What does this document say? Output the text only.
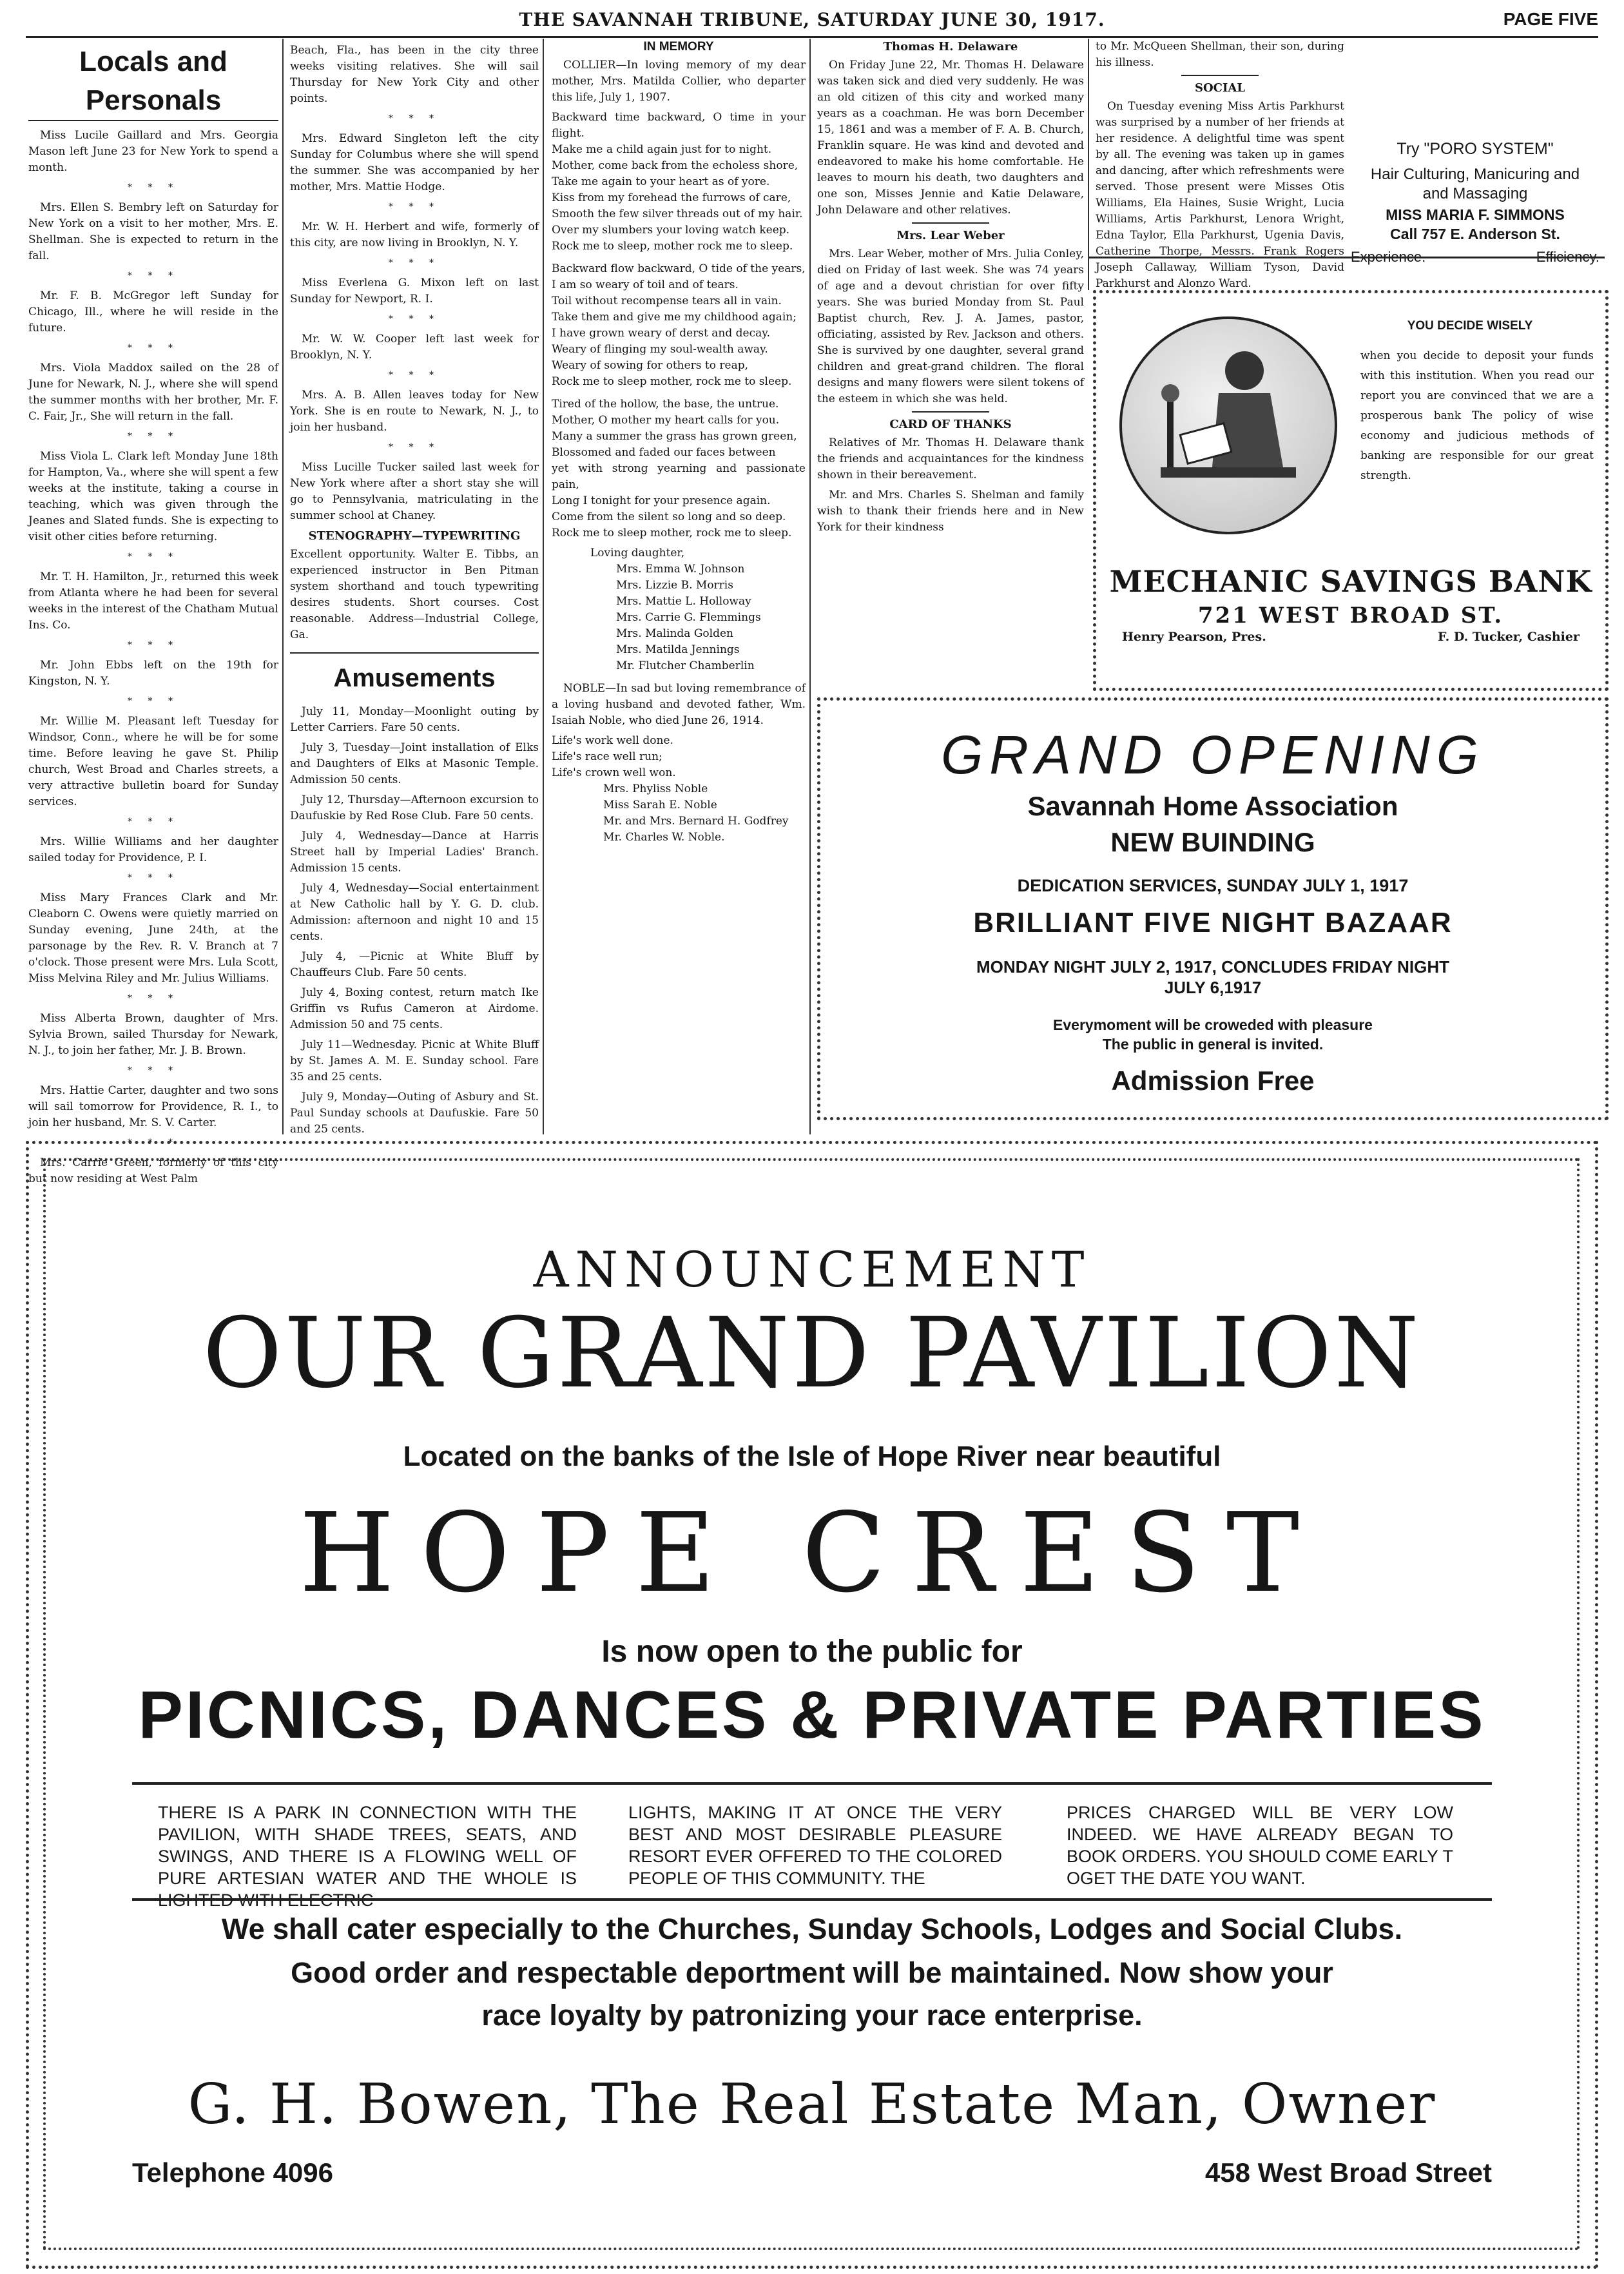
THE SAVANNAH TRIBUNE, SATURDAY JUNE 30, 1917.	PAGE FIVE
Locals and Personals

Miss Lucile Gaillard and Mrs. Georgia Mason left June 23 for New York to spend a month.

* * *

Mrs. Ellen S. Bembry left on Saturday for New York on a visit to her mother, Mrs. E. Shellman. She is expected to return in the fall.

* * *

Mr. F. B. McGregor left Sunday for Chicago, Ill., where he will reside in the future.

* * *

Mrs. Viola Maddox sailed on the 28 of June for Newark, N. J., where she will spend the summer months with her brother, Mr. F. C. Fair, Jr., She will return in the fall.

* * *

Miss Viola L. Clark left Monday June 18th for Hampton, Va., where she will spent a few weeks at the institute, taking a course in teaching, which was given through the Jeanes and Slated funds. She is expecting to visit other cities before returning.

* * *

Mr. T. H. Hamilton, Jr., returned this week from Atlanta where he had been for several weeks in the interest of the Chatham Mutual Ins. Co.

* * *

Mr. John Ebbs left on the 19th for Kingston, N. Y.

* * *

Mr. Willie M. Pleasant left Tuesday for Windsor, Conn., where he will be for some time. Before leaving he gave St. Philip church, West Broad and Charles streets, a very attractive bulletin board for Sunday services.

* * *

Mrs. Willie Williams and her daughter sailed today for Providence, P. I.

* * *

Miss Mary Frances Clark and Mr. Cleaborn C. Owens were quietly married on Sunday evening, June 24th, at the parsonage by the Rev. R. V. Branch at 7 o'clock. Those present were Mrs. Lula Scott, Miss Melvina Riley and Mr. Julius Williams.

* * *

Miss Alberta Brown, daughter of Mrs. Sylvia Brown, sailed Thursday for Newark, N. J., to join her father, Mr. J. B. Brown.

* * *

Mrs. Hattie Carter, daughter and two sons will sail tomorrow for Providence, R. I., to join her husband, Mr. S. V. Carter.

* * *

Mrs. Carrie Green, formerly of this city but now residing at West Palm

Beach, Fla., has been in the city three weeks visiting relatives. She will sail Thursday for New York City and other points.

* * *

Mrs. Edward Singleton left the city Sunday for Columbus where she will spend the summer. She was accompanied by her mother, Mrs. Mattie Hodge.

* * *

Mr. W. H. Herbert and wife, formerly of this city, are now living in Brooklyn, N. Y.

* * *

Miss Everlena G. Mixon left on last Sunday for Newport, R. I.

* * *

Mr. W. W. Cooper left last week for Brooklyn, N. Y.

* * *

Mrs. A. B. Allen leaves today for New York. She is en route to Newark, N. J., to join her husband.

* * *

Miss Lucille Tucker sailed last week for New York where after a short stay she will go to Pennsylvania, matriculating in the summer school at Chaney.

STENOGRAPHY—TYPEWRITING

Excellent opportunity. Walter E. Tibbs, an experienced instructor in Ben Pitman system shorthand and touch typewriting desires students. Short courses. Cost reasonable. Address—Industrial College, Ga.

Amusements

July 11, Monday—Moonlight outing by Letter Carriers. Fare 50 cents.

July 3, Tuesday—Joint installation of Elks and Daughters of Elks at Masonic Temple. Admission 50 cents.

July 12, Thursday—Afternoon excursion to Daufuskie by Red Rose Club. Fare 50 cents.

July 4, Wednesday—Dance at Harris Street hall by Imperial Ladies' Branch. Admission 15 cents.

July 4, Wednesday—Social entertainment at New Catholic hall by Y. G. D. club. Admission: afternoon and night 10 and 15 cents.

July 4, —Picnic at White Bluff by Chauffeurs Club. Fare 50 cents.

July 4, Boxing contest, return match Ike Griffin vs Rufus Cameron at Airdome. Admission 50 and 75 cents.

July 11—Wednesday. Picnic at White Bluff by St. James A. M. E. Sunday school. Fare 35 and 25 cents.

July 9, Monday—Outing of Asbury and St. Paul Sunday schools at Daufuskie. Fare 50 and 25 cents.

IN MEMORY

COLLIER—In loving memory of my dear mother, Mrs. Matilda Collier, who departer this life, July 1, 1907.

Backward time backward, O time in your flight.

Make me a child again just for to night.

Mother, come back from the echoless shore,

Take me again to your heart as of yore.

Kiss from my forehead the furrows of care,

Smooth the few silver threads out of my hair.

Over my slumbers your loving watch keep.

Rock me to sleep, mother rock me to sleep.

Backward flow backward, O tide of the years,

I am so weary of toil and of tears.

Toil without recompense tears all in vain.

Take them and give me my childhood again;

I have grown weary of derst and decay.

Weary of flinging my soul-wealth away.

Weary of sowing for others to reap,

Rock me to sleep mother, rock me to sleep.

Tired of the hollow, the base, the untrue.

Mother, O mother my heart calls for you.

Many a summer the grass has grown green,

Blossomed and faded our faces between

yet with strong yearning and passionate pain,

Long I tonight for your presence again.

Come from the silent so long and so deep.

Rock me to sleep mother, rock me to sleep.

Loving daughter,

Mrs. Emma W. Johnson

Mrs. Lizzie B. Morris

Mrs. Mattie L. Holloway

Mrs. Carrie G. Flemmings

Mrs. Malinda Golden

Mrs. Matilda Jennings

Mr. Flutcher Chamberlin

NOBLE—In sad but loving remembrance of a loving husband and devoted father, Wm. Isaiah Noble, who died June 26, 1914.

Life's work well done.

Life's race well run;

Life's crown well won.

Mrs. Phyliss Noble

Miss Sarah E. Noble

Mr. and Mrs. Bernard H. Godfrey

Mr. Charles W. Noble.

Thomas H. Delaware

On Friday June 22, Mr. Thomas H. Delaware was taken sick and died very suddenly. He was an old citizen of this city and worked many years as a coachman. He was born December 15, 1861 and was a member of F. A. B. Church, Franklin square. He was kind and devoted and endeavored to make his home comfortable. He leaves to mourn his death, two daughters and one son, Misses Jennie and Katie Delaware, John Delaware and other relatives.

Mrs. Lear Weber

Mrs. Lear Weber, mother of Mrs. Julia Conley, died on Friday of last week. She was 74 years of age and a devout christian for over fifty years. She was buried Monday from St. Paul Baptist church, Rev. J. A. James, pastor, officiating, assisted by Rev. Jackson and others. She is survived by one daughter, several grand children and great-grand children. The floral designs and many flowers were silent tokens of the esteem in which she was held.

CARD OF THANKS

Relatives of Mr. Thomas H. Delaware thank the friends and acquaintances for the kindness shown in their bereavement.

Mr. and Mrs. Charles S. Shelman and family wish to thank their friends here and in New York for their kindness

to Mr. McQueen Shellman, their son, during his illness.

SOCIAL

On Tuesday evening Miss Artis Parkhurst was surprised by a number of her friends at her residence. A delightful time was spent by all. The evening was taken up in games and dancing, after which refreshments were served. Those present were Misses Otis Williams, Ela Haines, Susie Wright, Lucia Williams, Artis Parkhurst, Lenora Wright, Edna Taylor, Ella Parkhurst, Ugenia Davis, Catherine Thorpe, Messrs. Frank Rogers Joseph Callaway, William Tyson, David Parkhurst and Alonzo Ward.

Try "PORO SYSTEM"
Hair Culturing, Manicuring and
and Massaging
MISS MARIA F. SIMMONS
Call 757 E. Anderson St.
Experience.	Efficiency.
YOU DECIDE WISELY
when you decide to deposit your funds with this institution. When you read our report you are convinced that we are a prosperous bank The policy of wise economy and judicious methods of banking are responsible for our great strength.
MECHANIC SAVINGS BANK
721 WEST BROAD ST.
Henry Pearson, Pres.	F. D. Tucker, Cashier
GRAND OPENING
Savannah Home Association
NEW BUINDING
DEDICATION SERVICES, SUNDAY JULY 1, 1917
BRILLIANT FIVE NIGHT BAZAAR
MONDAY NIGHT JULY 2, 1917, CONCLUDES FRIDAY NIGHT
JULY 6,1917
Everymoment will be croweded with pleasure
The public in general is invited.
Admission Free
ANNOUNCEMENT
OUR GRAND PAVILION
Located on the banks of the Isle of Hope River near beautiful
HOPE CREST
Is now open to the public for
PICNICS, DANCES & PRIVATE PARTIES
THERE IS A PARK IN CONNECTION WITH THE PAVILION, WITH SHADE TREES, SEATS, AND SWINGS, AND THERE IS A FLOWING WELL OF PURE ARTESIAN WATER AND THE WHOLE IS LIGHTED WITH ELECTRIC
LIGHTS, MAKING IT AT ONCE THE VERY BEST AND MOST DESIRABLE PLEASURE RESORT EVER OFFERED TO THE COLORED PEOPLE OF THIS COMMUNITY. THE
PRICES CHARGED WILL BE VERY LOW INDEED. WE HAVE ALREADY BEGAN TO BOOK ORDERS. YOU SHOULD COME EARLY T OGET THE DATE YOU WANT.
We shall cater especially to the Churches, Sunday Schools, Lodges and Social Clubs.
Good order and respectable deportment will be maintained. Now show your
race loyalty by patronizing your race enterprise.
G. H. Bowen, The Real Estate Man, Owner
Telephone 4096	458 West Broad Street
